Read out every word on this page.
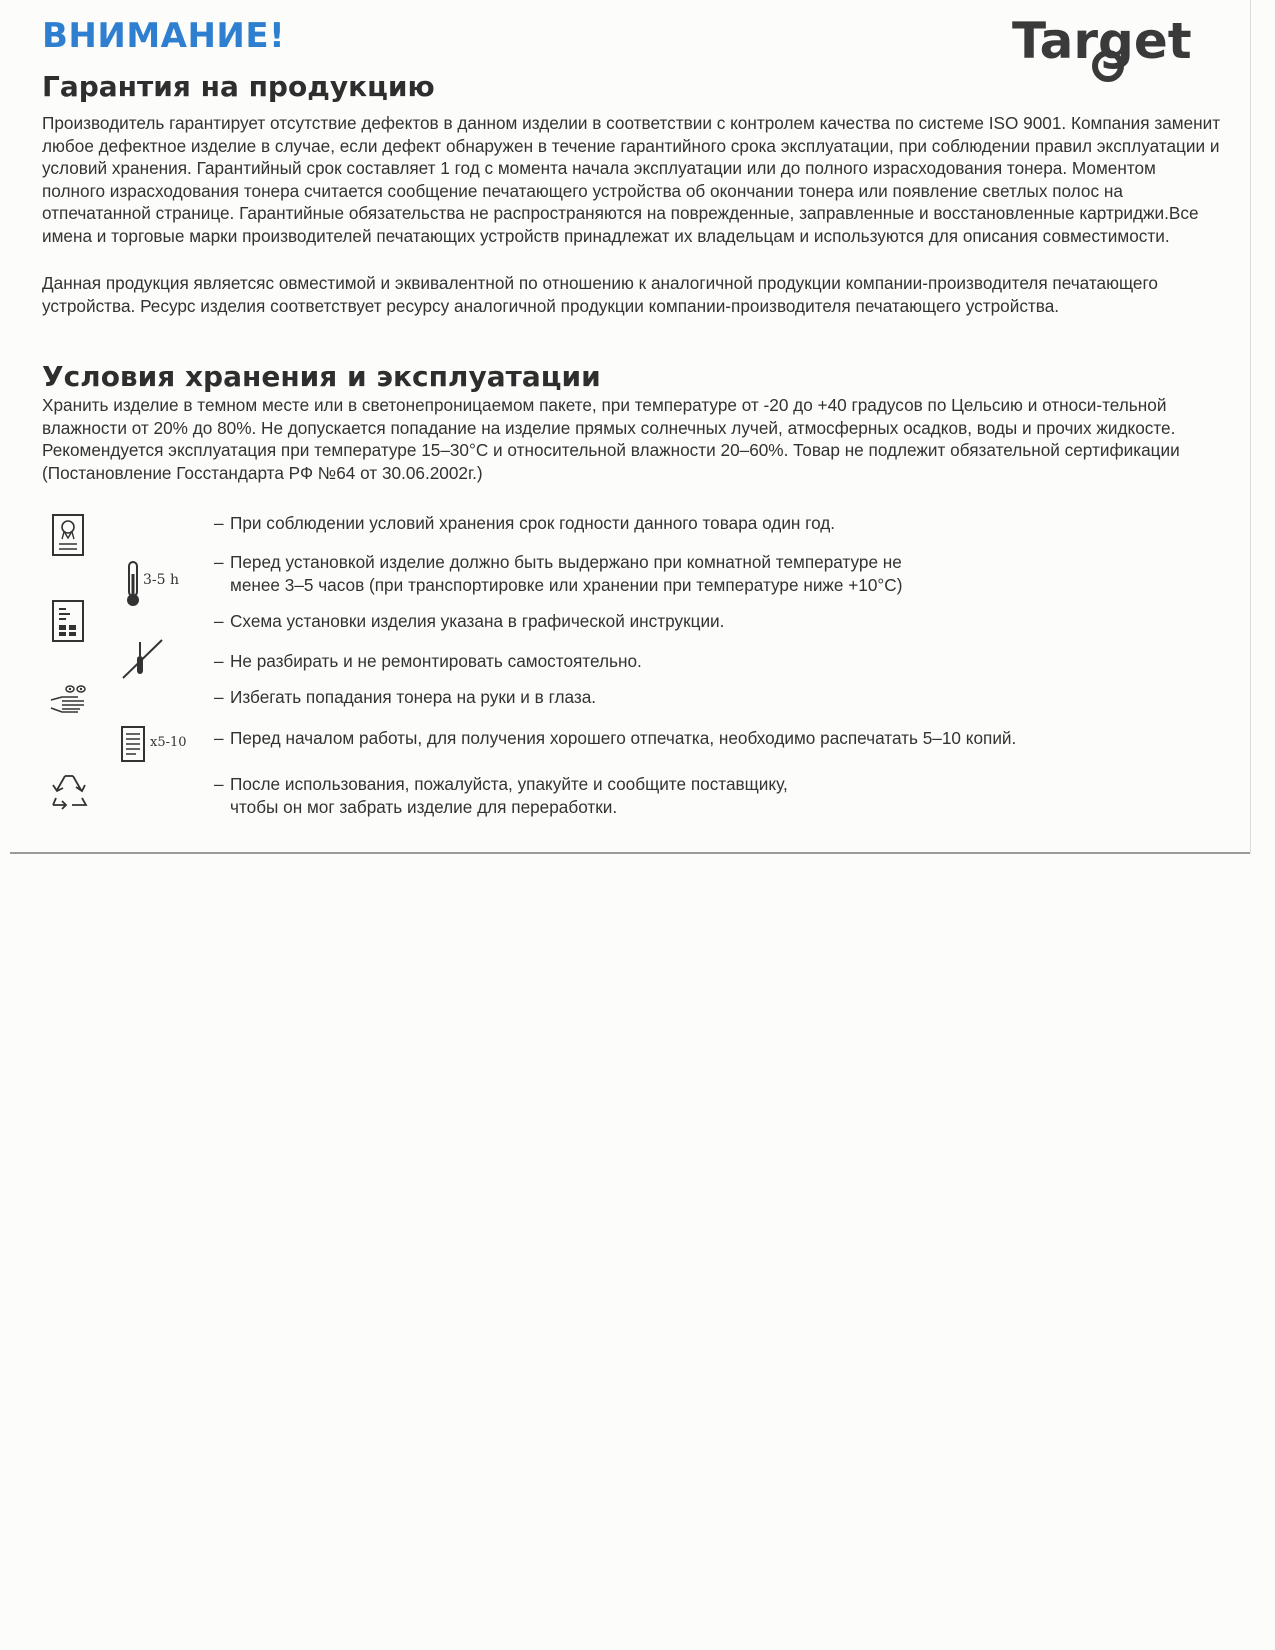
ВНИМАНИЕ!	Target
Гарантия на продукцию

Производитель гарантирует отсутствие дефектов в данном изделии в соответствии с контролем качества по системе ISO 9001. Компания заменит любое дефектное изделие в случае, если дефект обнаружен в течение гарантийного срока эксплуатации, при соблюдении правил эксплуатации и условий хранения. Гарантийный срок составляет 1 год с момента начала эксплуатации или до полного израсходования тонера. Моментом полного израсходования тонера считается сообщение печатающего устройства об окончании тонера или появление светлых полос на отпечатанной странице. Гарантийные обязательства не распространяются на поврежденные, заправленные и восстановленные картриджи.Все имена и торговые марки производителей печатающих устройств принадлежат их владельцам и используются для описания совместимости.

Данная продукция являетсяс овместимой и эквивалентной по отношению к аналогичной продукции компании-производителя печатающего устройства. Ресурс изделия соответствует ресурсу аналогичной продукции компании-производителя печатающего устройства.

Условия хранения и эксплуатации

Хранить изделие в темном месте или в светонепроницаемом пакете, при температуре от -20 до +40 градусов по Цельсию и относи-тельной влажности от 20% до 80%. Не допускается попадание на изделие прямых солнечных лучей, атмосферных осадков, воды и прочих жидкосте. Рекомендуется эксплуатация при температуре 15–30°С и относительной влажности 20–60%. Товар не подлежит обязательной сертификации (Постановление Госстандарта РФ №64 от 30.06.2002г.)

3-5 h
x5-10

– При соблюдении условий хранения срок годности данного товара один год.

– Перед установкой изделие должно быть выдержано при комнатной температуре не
менее 3–5 часов (при транспортировке или хранении при температуре ниже +10°С)

– Схема установки изделия указана в графической инструкции.

– Не разбирать и не ремонтировать самостоятельно.

– Избегать попадания тонера на руки и в глаза.

– Перед началом работы, для получения хорошего отпечатка, необходимо распечатать 5–10 копий.

– После использования, пожалуйста, упакуйте и сообщите поставщику,
чтобы он мог забрать изделие для переработки.
